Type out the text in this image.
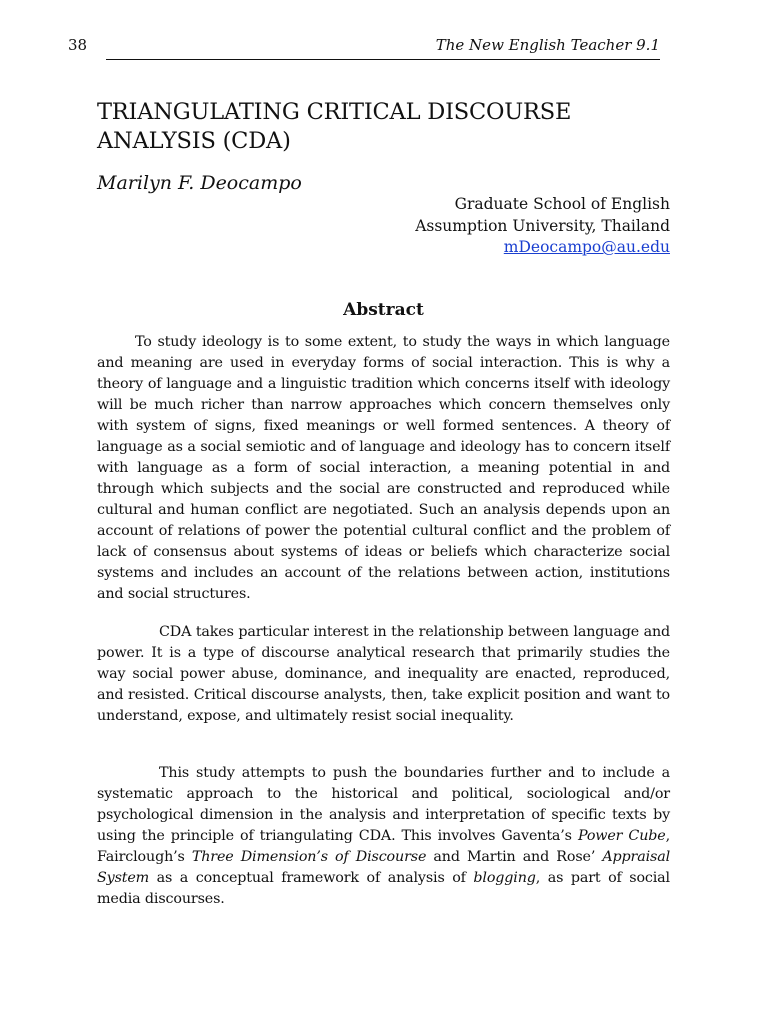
38	The New English Teacher 9.1
TRIANGULATING CRITICAL DISCOURSE ANALYSIS (CDA)
Marilyn F. Deocampo
Graduate School of English
Assumption University, Thailand
mDeocampo@au.edu
Abstract

To study ideology is to some extent, to study the ways in which language and meaning are used in everyday forms of social interaction. This is why a theory of language and a linguistic tradition which concerns itself with ideology will be much richer than narrow approaches which concern themselves only with system of signs, fixed meanings or well formed sentences. A theory of language as a social semiotic and of language and ideology has to concern itself with language as a form of social interaction, a meaning potential in and through which subjects and the social are constructed and reproduced while cultural and human conflict are negotiated. Such an analysis depends upon an account of relations of power the potential cultural conflict and the problem of lack of consensus about systems of ideas or beliefs which characterize social systems and includes an account of the relations between action, institutions and social structures.

CDA takes particular interest in the relationship between language and power. It is a type of discourse analytical research that primarily studies the way social power abuse, dominance, and inequality are enacted, reproduced, and resisted. Critical discourse analysts, then, take explicit position and want to understand, expose, and ultimately resist social inequality.

This study attempts to push the boundaries further and to include a systematic approach to the historical and political, sociological and/or psychological dimension in the analysis and interpretation of specific texts by using the principle of triangulating CDA. This involves Gaventa’s Power Cube, Fairclough’s Three Dimension’s of Discourse and Martin and Rose’ Appraisal System as a conceptual framework of analysis of blogging, as part of social media discourses.
